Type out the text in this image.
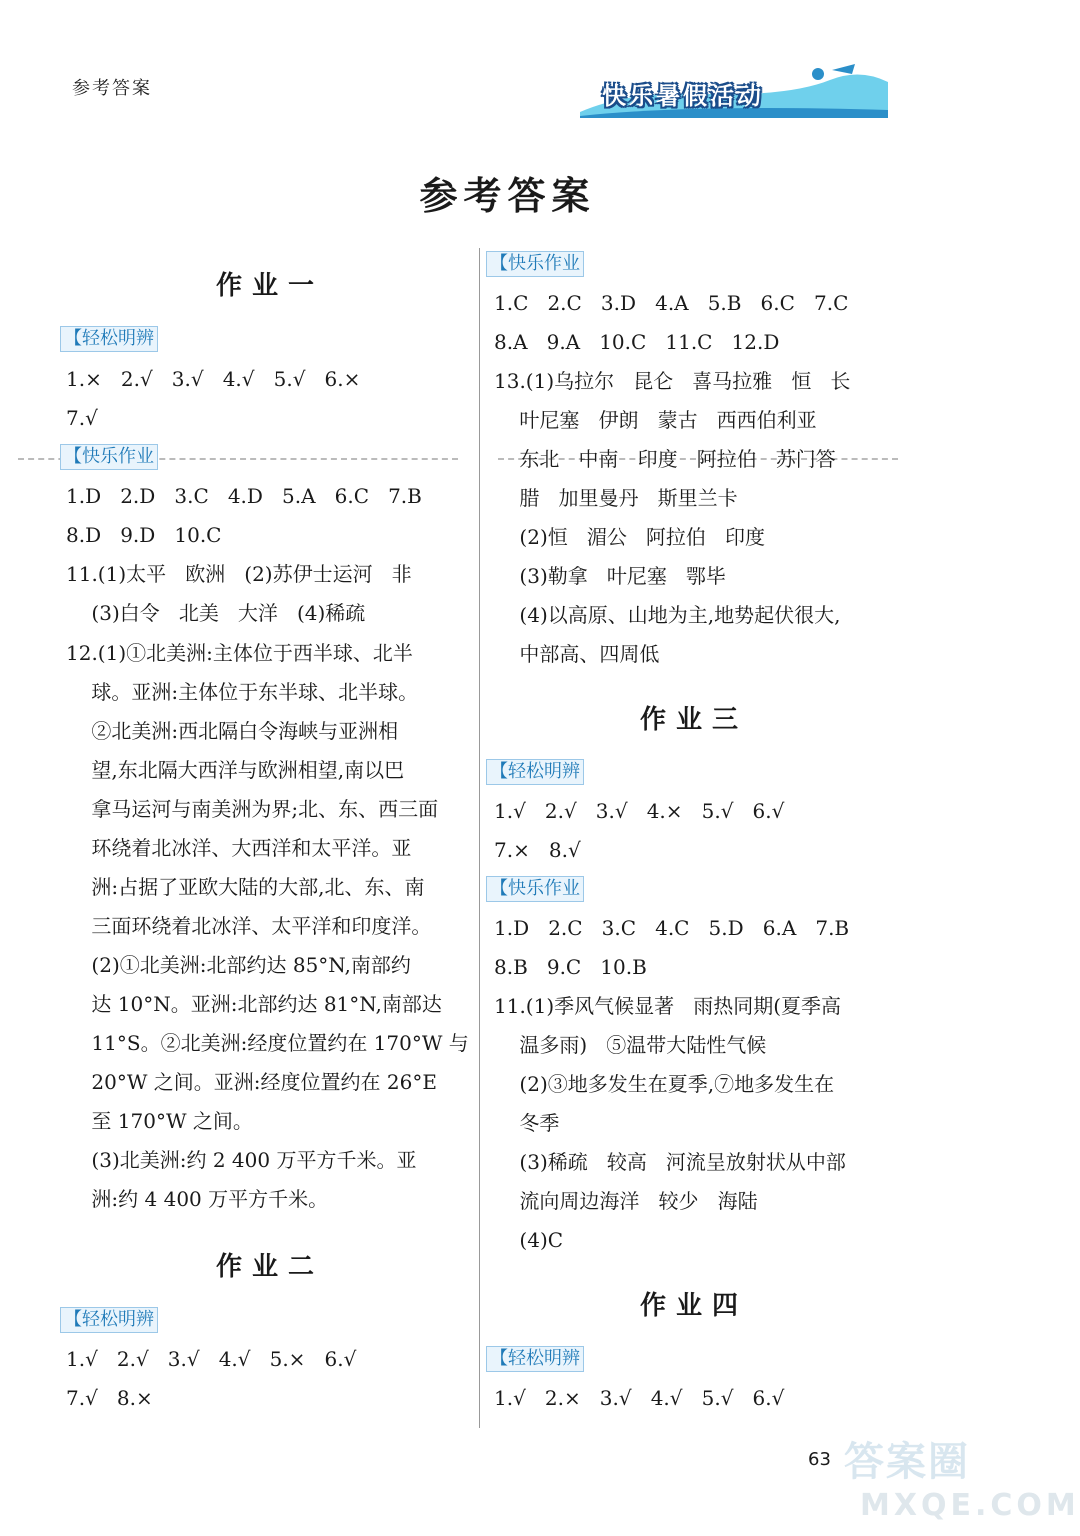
参考答案	快乐暑假活动
参考答案
作业一
【轻松明辨
1.×   2.√   3.√   4.√   5.√   6.×
7.√
【快乐作业
1.D   2.D   3.C   4.D   5.A   6.C   7.B
8.D   9.D   10.C
11.(1)太平   欧洲   (2)苏伊士运河   非
(3)白令   北美   大洋   (4)稀疏
12.(1)①北美洲:主体位于西半球、北半
球。亚洲:主体位于东半球、北半球。
②北美洲:西北隔白令海峡与亚洲相
望,东北隔大西洋与欧洲相望,南以巴
拿马运河与南美洲为界;北、东、西三面
环绕着北冰洋、大西洋和太平洋。亚
洲:占据了亚欧大陆的大部,北、东、南
三面环绕着北冰洋、太平洋和印度洋。
(2)①北美洲:北部约达 85°N,南部约
达 10°N。亚洲:北部约达 81°N,南部达
11°S。②北美洲:经度位置约在 170°W 与
20°W 之间。亚洲:经度位置约在 26°E
至 170°W 之间。
(3)北美洲:约 2 400 万平方千米。亚
洲:约 4 400 万平方千米。
作业二
【轻松明辨
1.√   2.√   3.√   4.√   5.×   6.√
7.√   8.×
【快乐作业
1.C   2.C   3.D   4.A   5.B   6.C   7.C
8.A   9.A   10.C   11.C   12.D
13.(1)乌拉尔   昆仑   喜马拉雅   恒   长
叶尼塞   伊朗   蒙古   西西伯利亚
东北   中南   印度   阿拉伯   苏门答
腊   加里曼丹   斯里兰卡
(2)恒   湄公   阿拉伯   印度
(3)勒拿   叶尼塞   鄂毕
(4)以高原、山地为主,地势起伏很大,
中部高、四周低
作业三
【轻松明辨
1.√   2.√   3.√   4.×   5.√   6.√
7.×   8.√
【快乐作业
1.D   2.C   3.C   4.C   5.D   6.A   7.B
8.B   9.C   10.B
11.(1)季风气候显著   雨热同期(夏季高
温多雨)   ⑤温带大陆性气候
(2)③地多发生在夏季,⑦地多发生在
冬季
(3)稀疏   较高   河流呈放射状从中部
流向周边海洋   较少   海陆
(4)C
作业四
【轻松明辨
1.√   2.×   3.√   4.√   5.√   6.√
63 答案圈
MXQE.COM
